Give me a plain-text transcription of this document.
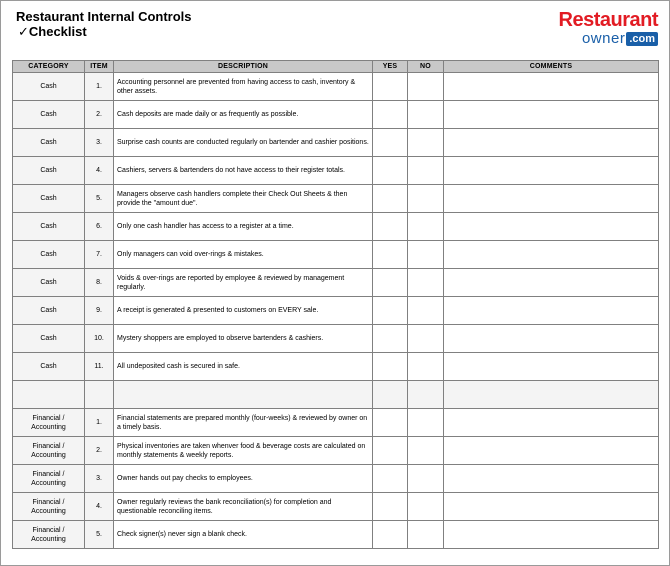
Restaurant Internal Controls
✓Checklist
Restaurant
owner .com
CATEGORY	ITEM	DESCRIPTION	YES	NO	COMMENTS
Cash	1.	Accounting personnel are prevented from having access to cash, inventory & other assets.			
Cash	2.	Cash deposits are made daily or as frequently as possible.			
Cash	3.	Surprise cash counts are conducted regularly on bartender and cashier positions.			
Cash	4.	Cashiers, servers & bartenders do not have access to their register totals.			
Cash	5.	Managers observe cash handlers complete their Check Out Sheets & then provide the "amount due".			
Cash	6.	Only one cash handler has access to a register at a time.			
Cash	7.	Only managers can void over-rings & mistakes.			
Cash	8.	Voids & over-rings are reported by employee & reviewed by management regularly.			
Cash	9.	A receipt is generated & presented to customers on EVERY sale.			
Cash	10.	Mystery shoppers are employed to observe bartenders & cashiers.			
Cash	11.	All undeposited cash is secured in safe.			

Financial / Accounting	1.	Financial statements are prepared monthly (four-weeks) & reviewed by owner on a timely basis.			
Financial / Accounting	2.	Physical inventories are taken whenver food & beverage costs are calculated on monthly statements & weekly reports.			
Financial / Accounting	3.	Owner hands out pay checks to employees.			
Financial / Accounting	4.	Owner regularly reviews the bank reconciliation(s) for completion and questionable reconciling items.			
Financial / Accounting	5.	Check signer(s) never sign a blank check.			
